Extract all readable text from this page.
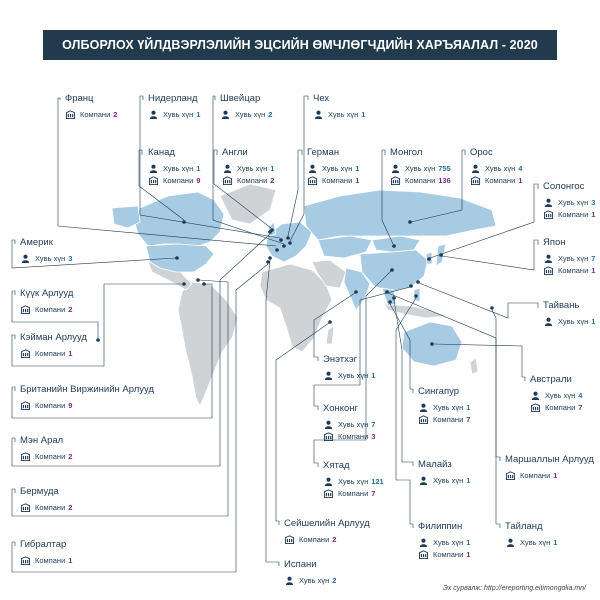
ОЛБОРЛОХ ҮЙЛДВЭРЛЭЛИЙН ЭЦСИЙН ӨМЧЛӨГЧДИЙН ХАРЪЯАЛАЛ - 2020
Франц
Компани 2
Нидерланд
Хувь хүн 1
Швейцар
Хувь хүн 2
Чех
Хувь хүн 1
Канад
Хувь хүн 1
Компани 9
Англи
Хувь хүн 1
Компани 2
Герман
Хувь хүн 1
Компани 1
Монгол
Хувь хүн 755
Компани 136
Орос
Хувь хүн 4
Компани 1
Солонгос
Хувь хүн 3
Компани 1
Япон
Хувь хүн 7
Компани 1
Тайвань
Хувь хүн 1
Америк
Хувь хүн 3
Күүк Арлууд
Компани 2
Кэйман Арлууд
Компани 1
Британийн Виржинийн Арлууд
Компани 9
Мэн Арал
Компани 2
Бермуда
Компани 2
Гибралтар
Компани 1
Энэтхэг
Хувь хүн 1
Хонконг
Хувь хүн 7
Компани 3
Хятад
Хувь хүн 121
Компани 7
Сейшелийн Арлууд
Компани 2
Испани
Хувь хүн 2
Сингапур
Хувь хүн 1
Компани 7
Малайз
Хувь хүн 1
Филиппин
Хувь хүн 1
Компани 1
Тайланд
Хувь хүн 1
Австрали
Хувь хүн 4
Компани 7
Маршаллын Арлууд
Компани 1
Эх сурвалж: http://ereporting.eitimongolia.mn/
